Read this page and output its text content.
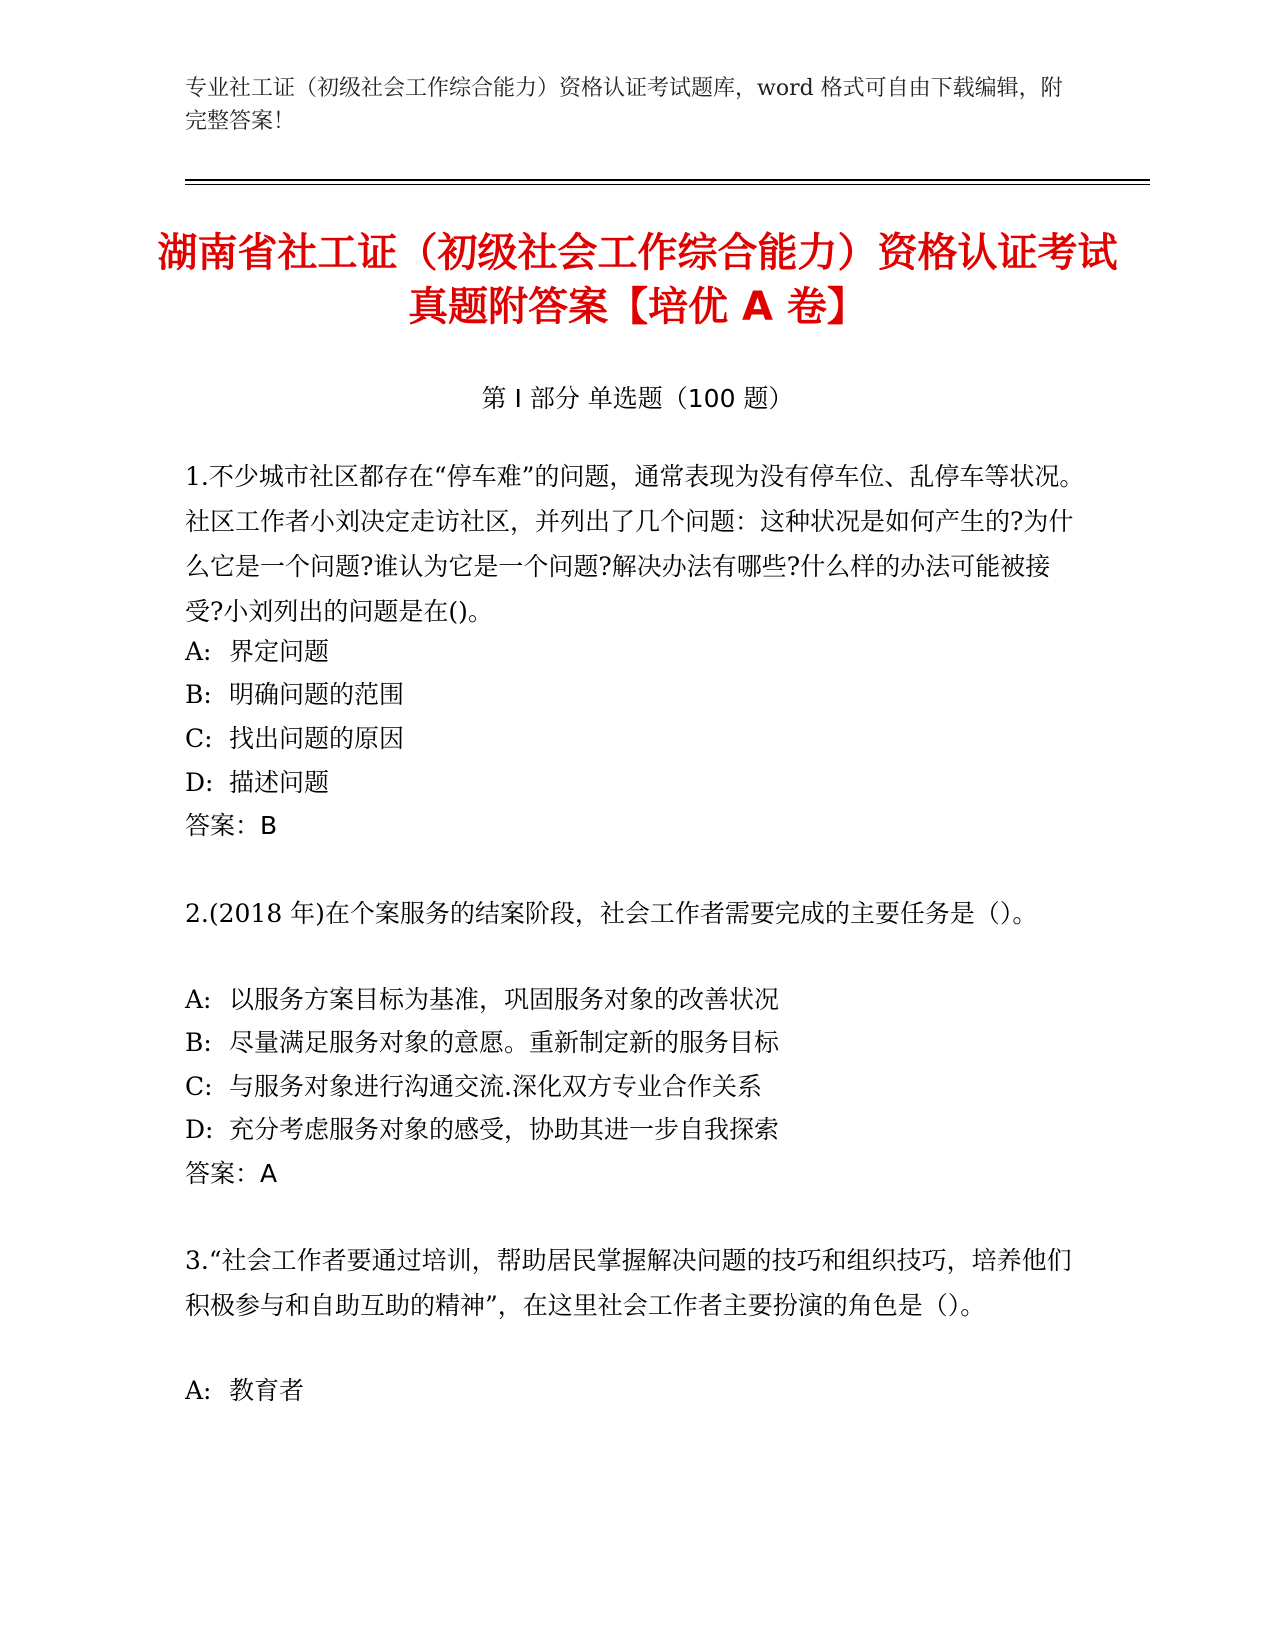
专业社工证（初级社会工作综合能力）资格认证考试题库，word 格式可自由下载编辑，附完整答案！
湖南省社工证（初级社会工作综合能力）资格认证考试真题附答案【培优 A 卷】
第 I 部分 单选题（100 题）
1.不少城市社区都存在“停车难”的问题，通常表现为没有停车位、乱停车等状况。社区工作者小刘决定走访社区，并列出了几个问题：这种状况是如何产生的?为什么它是一个问题?谁认为它是一个问题?解决办法有哪些?什么样的办法可能被接受?小刘列出的问题是在()。
A: 界定问题
B: 明确问题的范围
C: 找出问题的原因
D: 描述问题
答案：B
2.(2018 年)在个案服务的结案阶段，社会工作者需要完成的主要任务是（）。
A: 以服务方案目标为基准，巩固服务对象的改善状况
B: 尽量满足服务对象的意愿。重新制定新的服务目标
C: 与服务对象进行沟通交流.深化双方专业合作关系
D: 充分考虑服务对象的感受，协助其进一步自我探索
答案：A
3.“社会工作者要通过培训，帮助居民掌握解决问题的技巧和组织技巧，培养他们积极参与和自助互助的精神”，在这里社会工作者主要扮演的角色是（）。
A: 教育者
